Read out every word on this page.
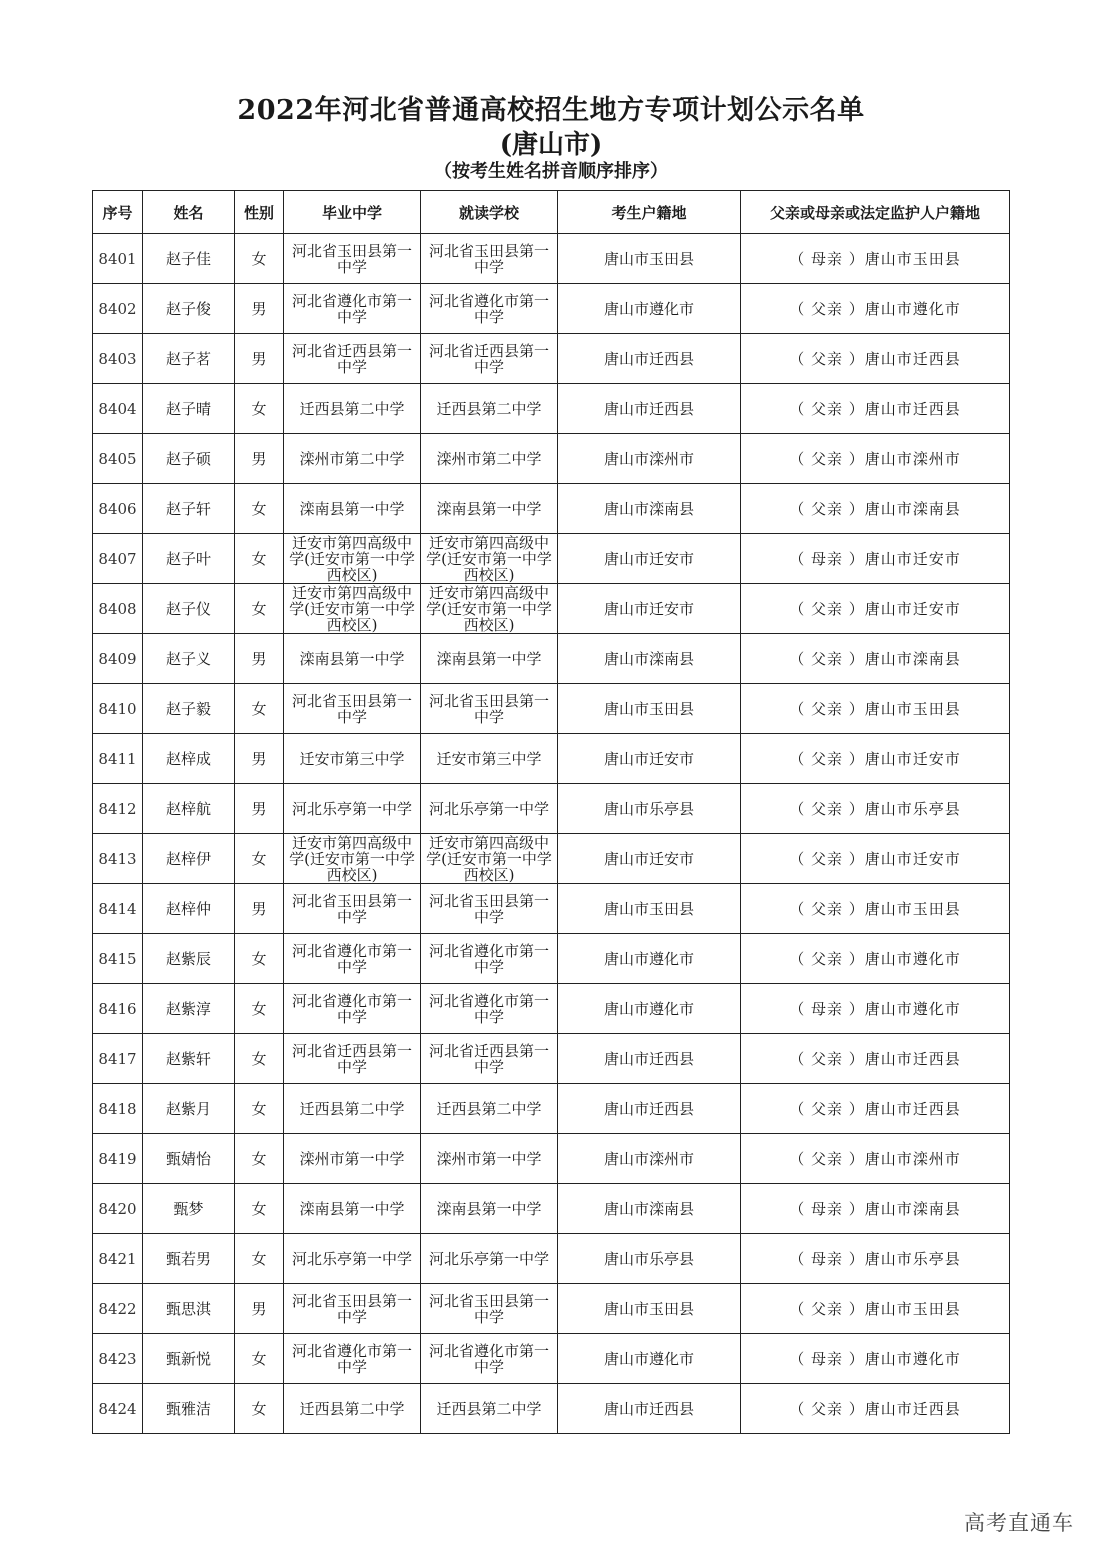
2022年河北省普通高校招生地方专项计划公示名单
(唐山市)
（按考生姓名拼音顺序排序）
序号	姓名	性别	毕业中学	就读学校	考生户籍地	父亲或母亲或法定监护人户籍地
8401	赵子佳	女	河北省玉田县第一中学	河北省玉田县第一中学	唐山市玉田县	（ 母亲 ）唐山市玉田县
8402	赵子俊	男	河北省遵化市第一中学	河北省遵化市第一中学	唐山市遵化市	（ 父亲 ）唐山市遵化市
8403	赵子茗	男	河北省迁西县第一中学	河北省迁西县第一中学	唐山市迁西县	（ 父亲 ）唐山市迁西县
8404	赵子晴	女	迁西县第二中学	迁西县第二中学	唐山市迁西县	（ 父亲 ）唐山市迁西县
8405	赵子硕	男	滦州市第二中学	滦州市第二中学	唐山市滦州市	（ 父亲 ）唐山市滦州市
8406	赵子轩	女	滦南县第一中学	滦南县第一中学	唐山市滦南县	（ 父亲 ）唐山市滦南县
8407	赵子叶	女	迁安市第四高级中学(迁安市第一中学西校区)	迁安市第四高级中学(迁安市第一中学西校区)	唐山市迁安市	（ 母亲 ）唐山市迁安市
8408	赵子仪	女	迁安市第四高级中学(迁安市第一中学西校区)	迁安市第四高级中学(迁安市第一中学西校区)	唐山市迁安市	（ 父亲 ）唐山市迁安市
8409	赵子义	男	滦南县第一中学	滦南县第一中学	唐山市滦南县	（ 父亲 ）唐山市滦南县
8410	赵子毅	女	河北省玉田县第一中学	河北省玉田县第一中学	唐山市玉田县	（ 父亲 ）唐山市玉田县
8411	赵梓成	男	迁安市第三中学	迁安市第三中学	唐山市迁安市	（ 父亲 ）唐山市迁安市
8412	赵梓航	男	河北乐亭第一中学	河北乐亭第一中学	唐山市乐亭县	（ 父亲 ）唐山市乐亭县
8413	赵梓伊	女	迁安市第四高级中学(迁安市第一中学西校区)	迁安市第四高级中学(迁安市第一中学西校区)	唐山市迁安市	（ 父亲 ）唐山市迁安市
8414	赵梓仲	男	河北省玉田县第一中学	河北省玉田县第一中学	唐山市玉田县	（ 父亲 ）唐山市玉田县
8415	赵紫辰	女	河北省遵化市第一中学	河北省遵化市第一中学	唐山市遵化市	（ 父亲 ）唐山市遵化市
8416	赵紫淳	女	河北省遵化市第一中学	河北省遵化市第一中学	唐山市遵化市	（ 母亲 ）唐山市遵化市
8417	赵紫轩	女	河北省迁西县第一中学	河北省迁西县第一中学	唐山市迁西县	（ 父亲 ）唐山市迁西县
8418	赵紫月	女	迁西县第二中学	迁西县第二中学	唐山市迁西县	（ 父亲 ）唐山市迁西县
8419	甄婧怡	女	滦州市第一中学	滦州市第一中学	唐山市滦州市	（ 父亲 ）唐山市滦州市
8420	甄梦	女	滦南县第一中学	滦南县第一中学	唐山市滦南县	（ 母亲 ）唐山市滦南县
8421	甄若男	女	河北乐亭第一中学	河北乐亭第一中学	唐山市乐亭县	（ 母亲 ）唐山市乐亭县
8422	甄思淇	男	河北省玉田县第一中学	河北省玉田县第一中学	唐山市玉田县	（ 父亲 ）唐山市玉田县
8423	甄新悦	女	河北省遵化市第一中学	河北省遵化市第一中学	唐山市遵化市	（ 母亲 ）唐山市遵化市
8424	甄雅洁	女	迁西县第二中学	迁西县第二中学	唐山市迁西县	（ 父亲 ）唐山市迁西县
高考直通车
